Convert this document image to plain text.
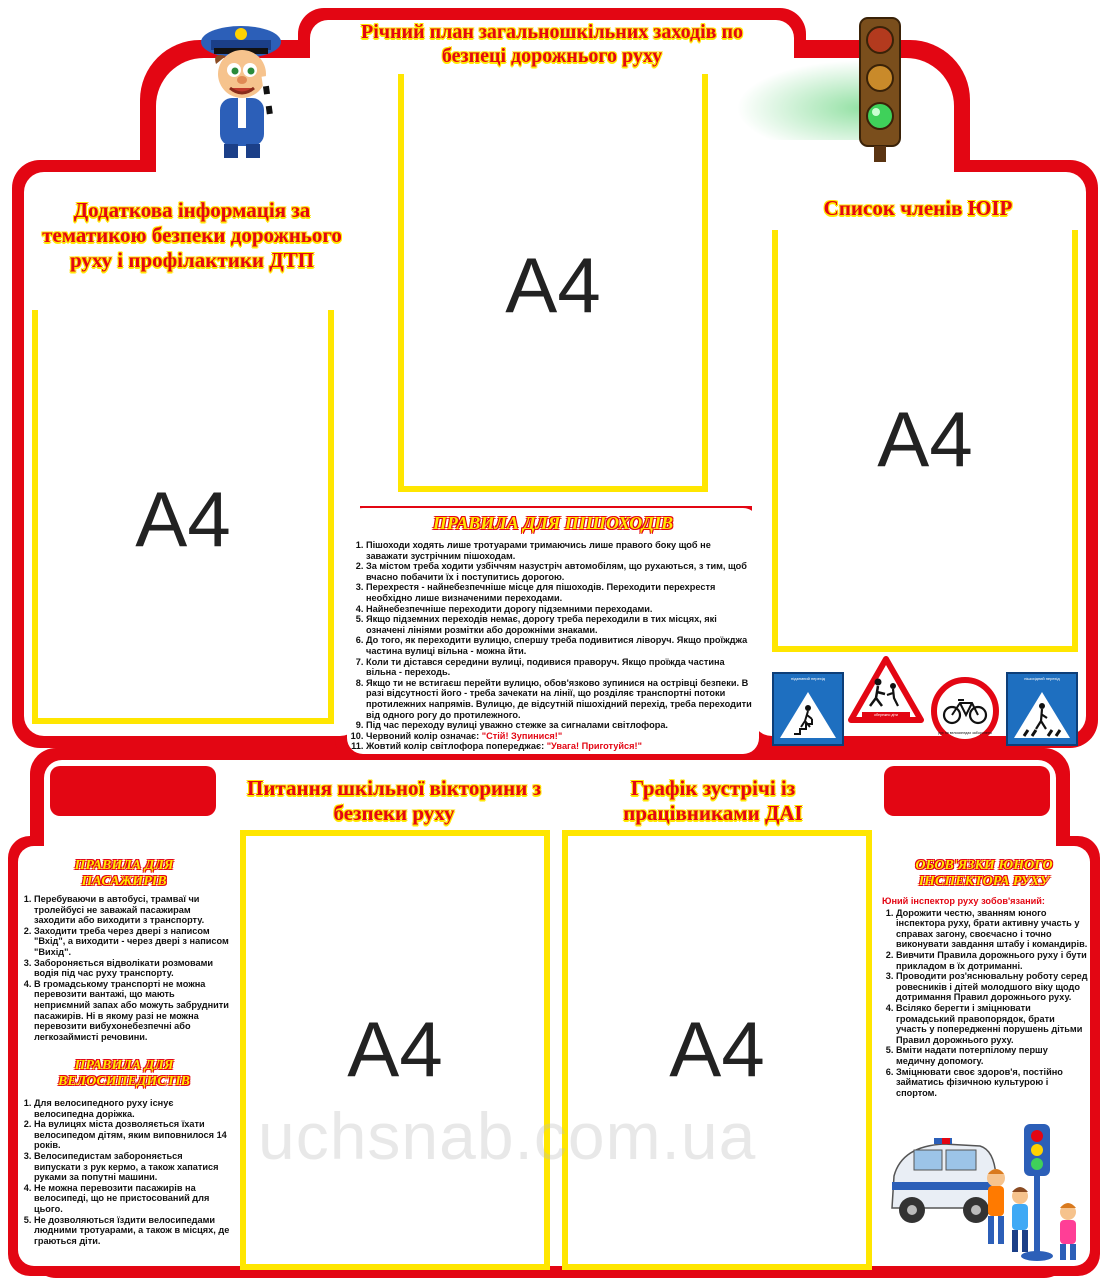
Річний план загальношкільних заходів по безпеці дорожнього руху
A4
Додаткова інформація за тематикою безпеки дорожнього руху і профілактики ДТП
A4
Список членів ЮІР
A4
ПРАВИЛА ДЛЯ ПІШОХОДІВ
1. Пішоходи ходять лише тротуарами тримаючись лише правого боку щоб не заважати зустрічним пішоходам.
2. За містом треба ходити узбіччям назустріч автомобілям, що рухаються, з тим, щоб вчасно побачити їх і поступитись дорогою.
3. Перехрестя - найнебезпечніше місце для пішоходів. Переходити перехрестя необхідно лише визначеними переходами.
4. Найнебезпечніше переходити дорогу підземними переходами.
5. Якщо підземних переходів немає, дорогу треба переходили в тих місцях, які означені лініями розмітки або дорожніми знаками.
6. До того, як переходити вулицю, спершу треба подивитися ліворуч. Якщо проїжджа частина вулиці вільна - можна йти.
7. Коли ти дістався середини вулиці, подивися праворуч. Якщо проїжда частина вільна - переходь.
8. Якщо ти не встигаєш перейти вулицю, обов'язково зупинися на острівці безпеки. В разі відсутності його - треба зачекати на лінії, що розділяє транспортні потоки протилежних напрямів. Вулицю, де відсутній пішохідний перехід, треба переходити від одного рогу до протилежного.
9. Під час переходу вулиці уважно стежке за сигналами світлофора.
10. Червоний колір означає: "Стій! Зупинися!"
11. Жовтий колір світлофора попереджає: "Увага! Приготуйся!"
підземний перехід
обережно діти
рух на велосипедах заборонено
пішохідний перехід
Питання шкільної вікторини з безпеки руху
Графік зустрічі із працівниками ДАІ
A4	A4
ПРАВИЛА ДЛЯ
ПАСАЖИРІВ
1. Перебуваючи в автобусі, трамваї чи тролейбусі не заважай пасажирам заходити або виходити з транспорту.
2. Заходити треба через двері з написом "Вхід", а виходити - через двері з написом "Вихід".
3. Забороняється відволікати розмовами водія під час руху транспорту.
4. В громадському транспорті не можна перевозити вантажі, що мають неприємний запах або можуть забруднити пасажирів. Ні в якому разі не можна перевозити вибухонебезпечні або легкозаймисті речовини.
ПРАВИЛА ДЛЯ
ВЕЛОСИПЕДИСТІВ
1. Для велосипедного руху існує велосипедна доріжка.
2. На вулицях міста дозволяється їхати велосипедом дітям, яким виповнилося 14 років.
3. Велосипедистам забороняється випускати з рук кермо, а також хапатися руками за попутні машини.
4. Не можна перевозити пасажирів на велосипеді, що не пристосований для цього.
5. Не дозволяються їздити велосипедами людними тротуарами, а також в місцях, де граються діти.
ОБОВ'ЯЗКИ ЮНОГО
ІНСПЕКТОРА РУХУ
Юний інспектор руху зобов'язаний:
1. Дорожити честю, званням юного інспектора руху, брати активну участь у справах загону, своєчасно і точно виконувати завдання штабу і командирів.
2. Вивчити Правила дорожнього руху і бути прикладом в їх дотриманні.
3. Проводити роз'яснювальну роботу серед ровесників і дітей молодшого віку щодо дотримання Правил дорожнього руху.
4. Всіляко берегти і зміцнювати громадський правопорядок, брати участь у попередженні порушень дітьми Правил дорожнього руху.
5. Вміти надати потерпілому першу медичну допомогу.
6. Зміцнювати своє здоров'я, постійно займатись фізичною культурою і спортом.
uchsnab.com.ua
